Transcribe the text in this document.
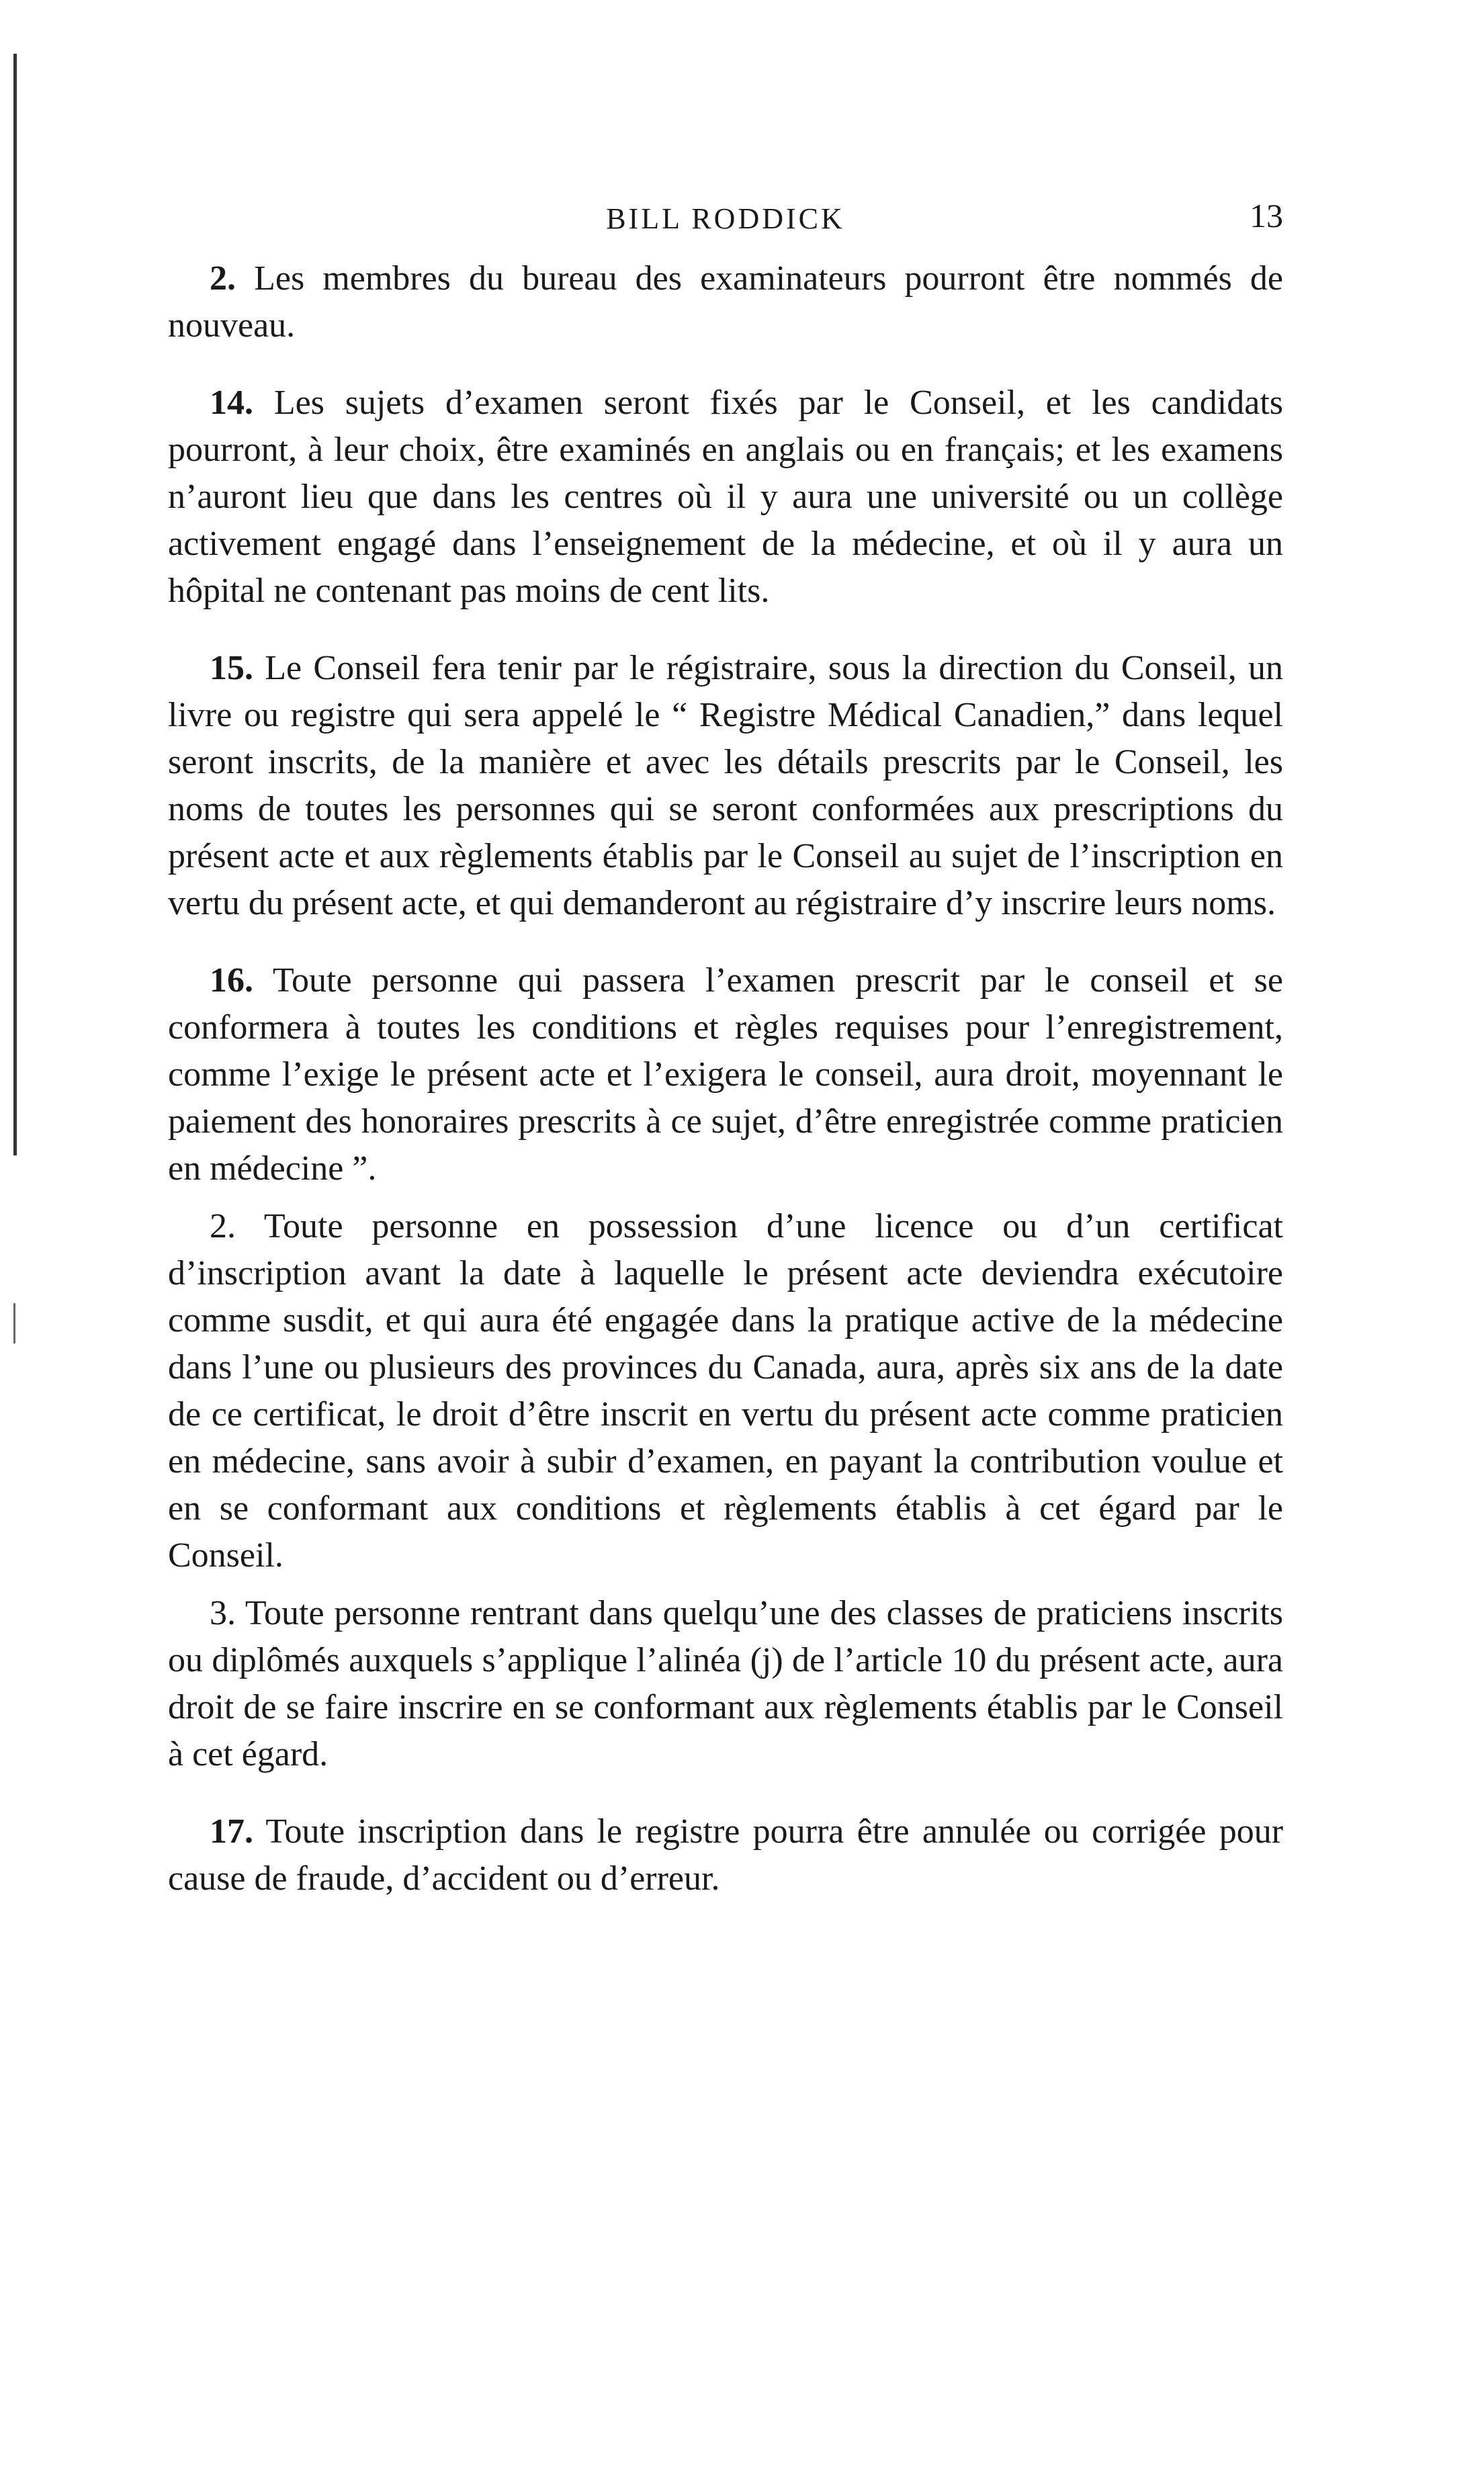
BILL RODDICK	13

2. Les membres du bureau des examinateurs pourront être nommés de nouveau.

14. Les sujets d’examen seront fixés par le Conseil, et les candidats pourront, à leur choix, être examinés en anglais ou en français; et les examens n’auront lieu que dans les centres où il y aura une université ou un collège activement engagé dans l’enseignement de la médecine, et où il y aura un hôpital ne contenant pas moins de cent lits.

15. Le Conseil fera tenir par le régistraire, sous la direction du Conseil, un livre ou registre qui sera appelé le “ Registre Médical Canadien,” dans lequel seront inscrits, de la manière et avec les détails prescrits par le Conseil, les noms de toutes les personnes qui se seront conformées aux prescriptions du présent acte et aux règlements établis par le Conseil au sujet de l’inscription en vertu du présent acte, et qui demanderont au régistraire d’y inscrire leurs noms.

16. Toute personne qui passera l’examen prescrit par le conseil et se conformera à toutes les conditions et règles requises pour l’enregistrement, comme l’exige le présent acte et l’exigera le conseil, aura droit, moyennant le paiement des honoraires prescrits à ce sujet, d’être enregistrée comme praticien en médecine ”.

2. Toute personne en possession d’une licence ou d’un certificat d’inscription avant la date à laquelle le présent acte deviendra exécutoire comme susdit, et qui aura été engagée dans la pratique active de la médecine dans l’une ou plusieurs des provinces du Canada, aura, après six ans de la date de ce certificat, le droit d’être inscrit en vertu du présent acte comme praticien en médecine, sans avoir à subir d’examen, en payant la contribution voulue et en se conformant aux conditions et règlements établis à cet égard par le Conseil.

3. Toute personne rentrant dans quelqu’une des classes de praticiens inscrits ou diplômés auxquels s’applique l’alinéa (j) de l’article 10 du présent acte, aura droit de se faire inscrire en se conformant aux règlements établis par le Conseil à cet égard.

17. Toute inscription dans le registre pourra être annulée ou corrigée pour cause de fraude, d’accident ou d’erreur.
